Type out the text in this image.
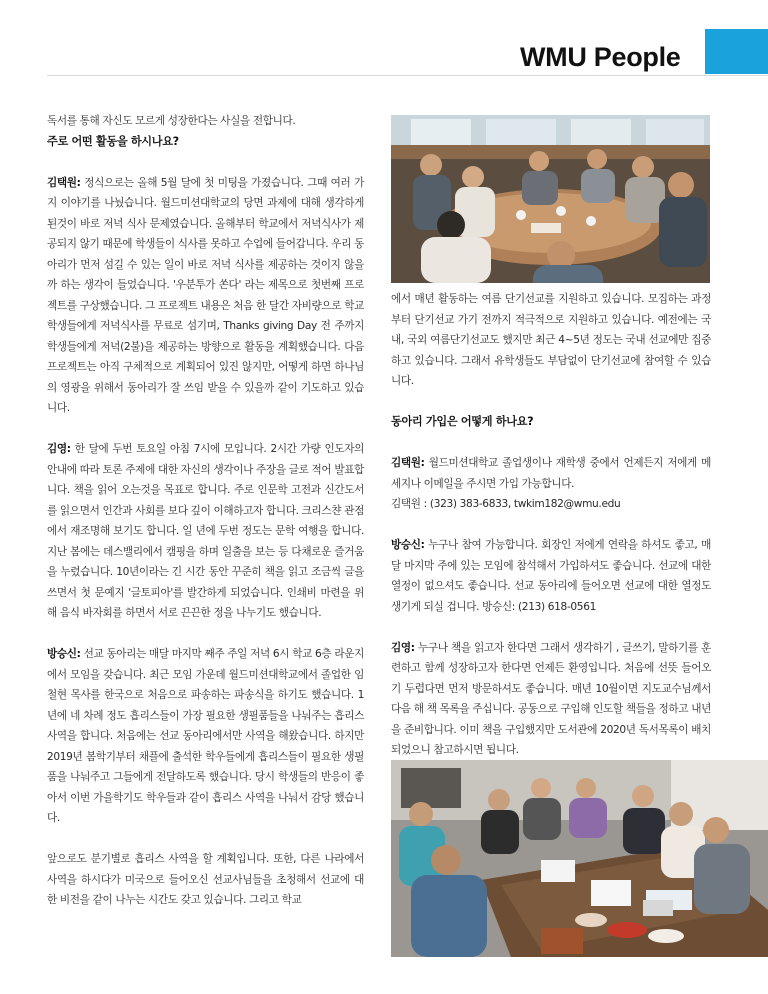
WMU People

독서를 통해 자신도 모르게 성장한다는 사실을 전합니다.

주로 어떤 활동을 하시나요?

김택원: 정식으로는 올해 5월 달에 첫 미팅을 가졌습니다. 그때 여러 가지 이야기를 나눴습니다. 월드미션대학교의 당면 과제에 대해 생각하게 된것이 바로 저녁 식사 문제였습니다. 올해부터 학교에서 저녁식사가 제공되지 않기 때문에 학생들이 식사를 못하고 수업에 들어갑니다. 우리 동아리가 먼저 섬길 수 있는 일이 바로 저녁 식사를 제공하는 것이지 않을까 하는 생각이 들었습니다. '우분투가 쏜다' 라는 제목으로 첫번째 프로젝트를 구상했습니다. 그 프로젝트 내용은 처음 한 달간 자비량으로 학교 학생들에게 저녁식사를 무료로 섬기며, Thanks giving Day 전 주까지 학생들에게 저녁(2불)을 제공하는 방향으로 활동을 계획했습니다. 다음 프로젝트는 아직 구체적으로 계획되어 있진 않지만, 어떻게 하면 하나님의 영광을 위해서 동아리가 잘 쓰임 받을 수 있을까 같이 기도하고 있습니다.

김영: 한 달에 두번 토요일 아침 7시에 모입니다. 2시간 가량 인도자의 안내에 따라 토론 주제에 대한 자신의 생각이나 주장을 글로 적어 발표합니다. 책을 읽어 오는것을 목표로 합니다. 주로 인문학 고전과 신간도서를 읽으면서 인간과 사회를 보다 깊이 이해하고자 합니다. 크리스챤 관점에서 재조명해 보기도 합니다. 일 년에 두번 정도는 문학 여행을 합니다. 지난 봄에는 데스밸리에서 캠핑을 하며 일출을 보는 등 다채로운 즐거움을 누렸습니다. 10년이라는 긴 시간 동안 꾸준히 책을 읽고 조금씩 글을 쓰면서 첫 문예지 '글토피아'를 발간하게 되었습니다. 인쇄비 마련을 위해 음식 바자회를 하면서 서로 끈끈한 정을 나누기도 했습니다.

방승신: 선교 동아리는 매달 마지막 째주 주일 저녁 6시 학교 6층 라운지에서 모임을 갖습니다. 최근 모임 가운데 월드미션대학교에서 졸업한 임철현 목사를 한국으로 처음으로 파송하는 파송식을 하기도 했습니다. 1년에 네 차례 정도 흡리스들이 가장 필요한 생필품들을 나눠주는 흡리스사역을 합니다. 처음에는 선교 동아리에서만 사역을 해왔습니다. 하지만 2019년 봄학기부터 채플에 출석한 학우들에게 흡리스들이 필요한 생필품을 나눠주고 그들에게 전달하도록 했습니다. 당시 학생들의 반응이 좋아서 이번 가을학기도 학우들과 같이 흡리스 사역을 나눠서 감당 했습니다.

앞으로도 분기별로 흡리스 사역을 할 계획입니다. 또한, 다른 나라에서 사역을 하시다가 미국으로 들어오신 선교사님들을 초청해서 선교에 대한 비전을 같이 나누는 시간도 갖고 있습니다. 그리고 학교

에서 매년 활동하는 여름 단기선교를 지원하고 있습니다. 모집하는 과정부터 단기선교 가기 전까지 적극적으로 지원하고 있습니다. 예전에는 국내, 국외 여름단기선교도 했지만 최근 4~5년 정도는 국내 선교에만 집중하고 있습니다. 그래서 유학생들도 부담없이 단기선교에 참여할 수 있습니다.

동아리 가입은 어떻게 하나요?

김택원: 월드미션대학교 졸업생이나 재학생 중에서 언제든지 저에게 메세지나 이메일을 주시면 가입 가능합니다.

김택원 : (323) 383-6833, twkim182@wmu.edu

방승신: 누구나 참여 가능합니다. 회장인 저에게 연락을 하셔도 좋고, 매달 마지막 주에 있는 모임에 참석해서 가입하셔도 좋습니다. 선교에 대한 열정이 없으셔도 좋습니다. 선교 동아리에 들어오면 선교에 대한 열정도 생기게 되실 겁니다. 방승신: (213) 618-0561

김영: 누구나 책을 읽고자 한다면 그래서 생각하기 , 글쓰기, 말하기를 훈련하고 함께 성장하고자 한다면 언제든 환영입니다. 처음에 선뜻 들어오기 두렵다면 먼저 방문하셔도 좋습니다. 매년 10월이면 지도교수님께서 다음 해 책 목록을 주십니다. 공동으로 구입해 인도할 책들을 정하고 내년을 준비합니다. 이미 책을 구입했지만 도서관에 2020년 독서목록이 배치되었으니 참고하시면 됩니다.
